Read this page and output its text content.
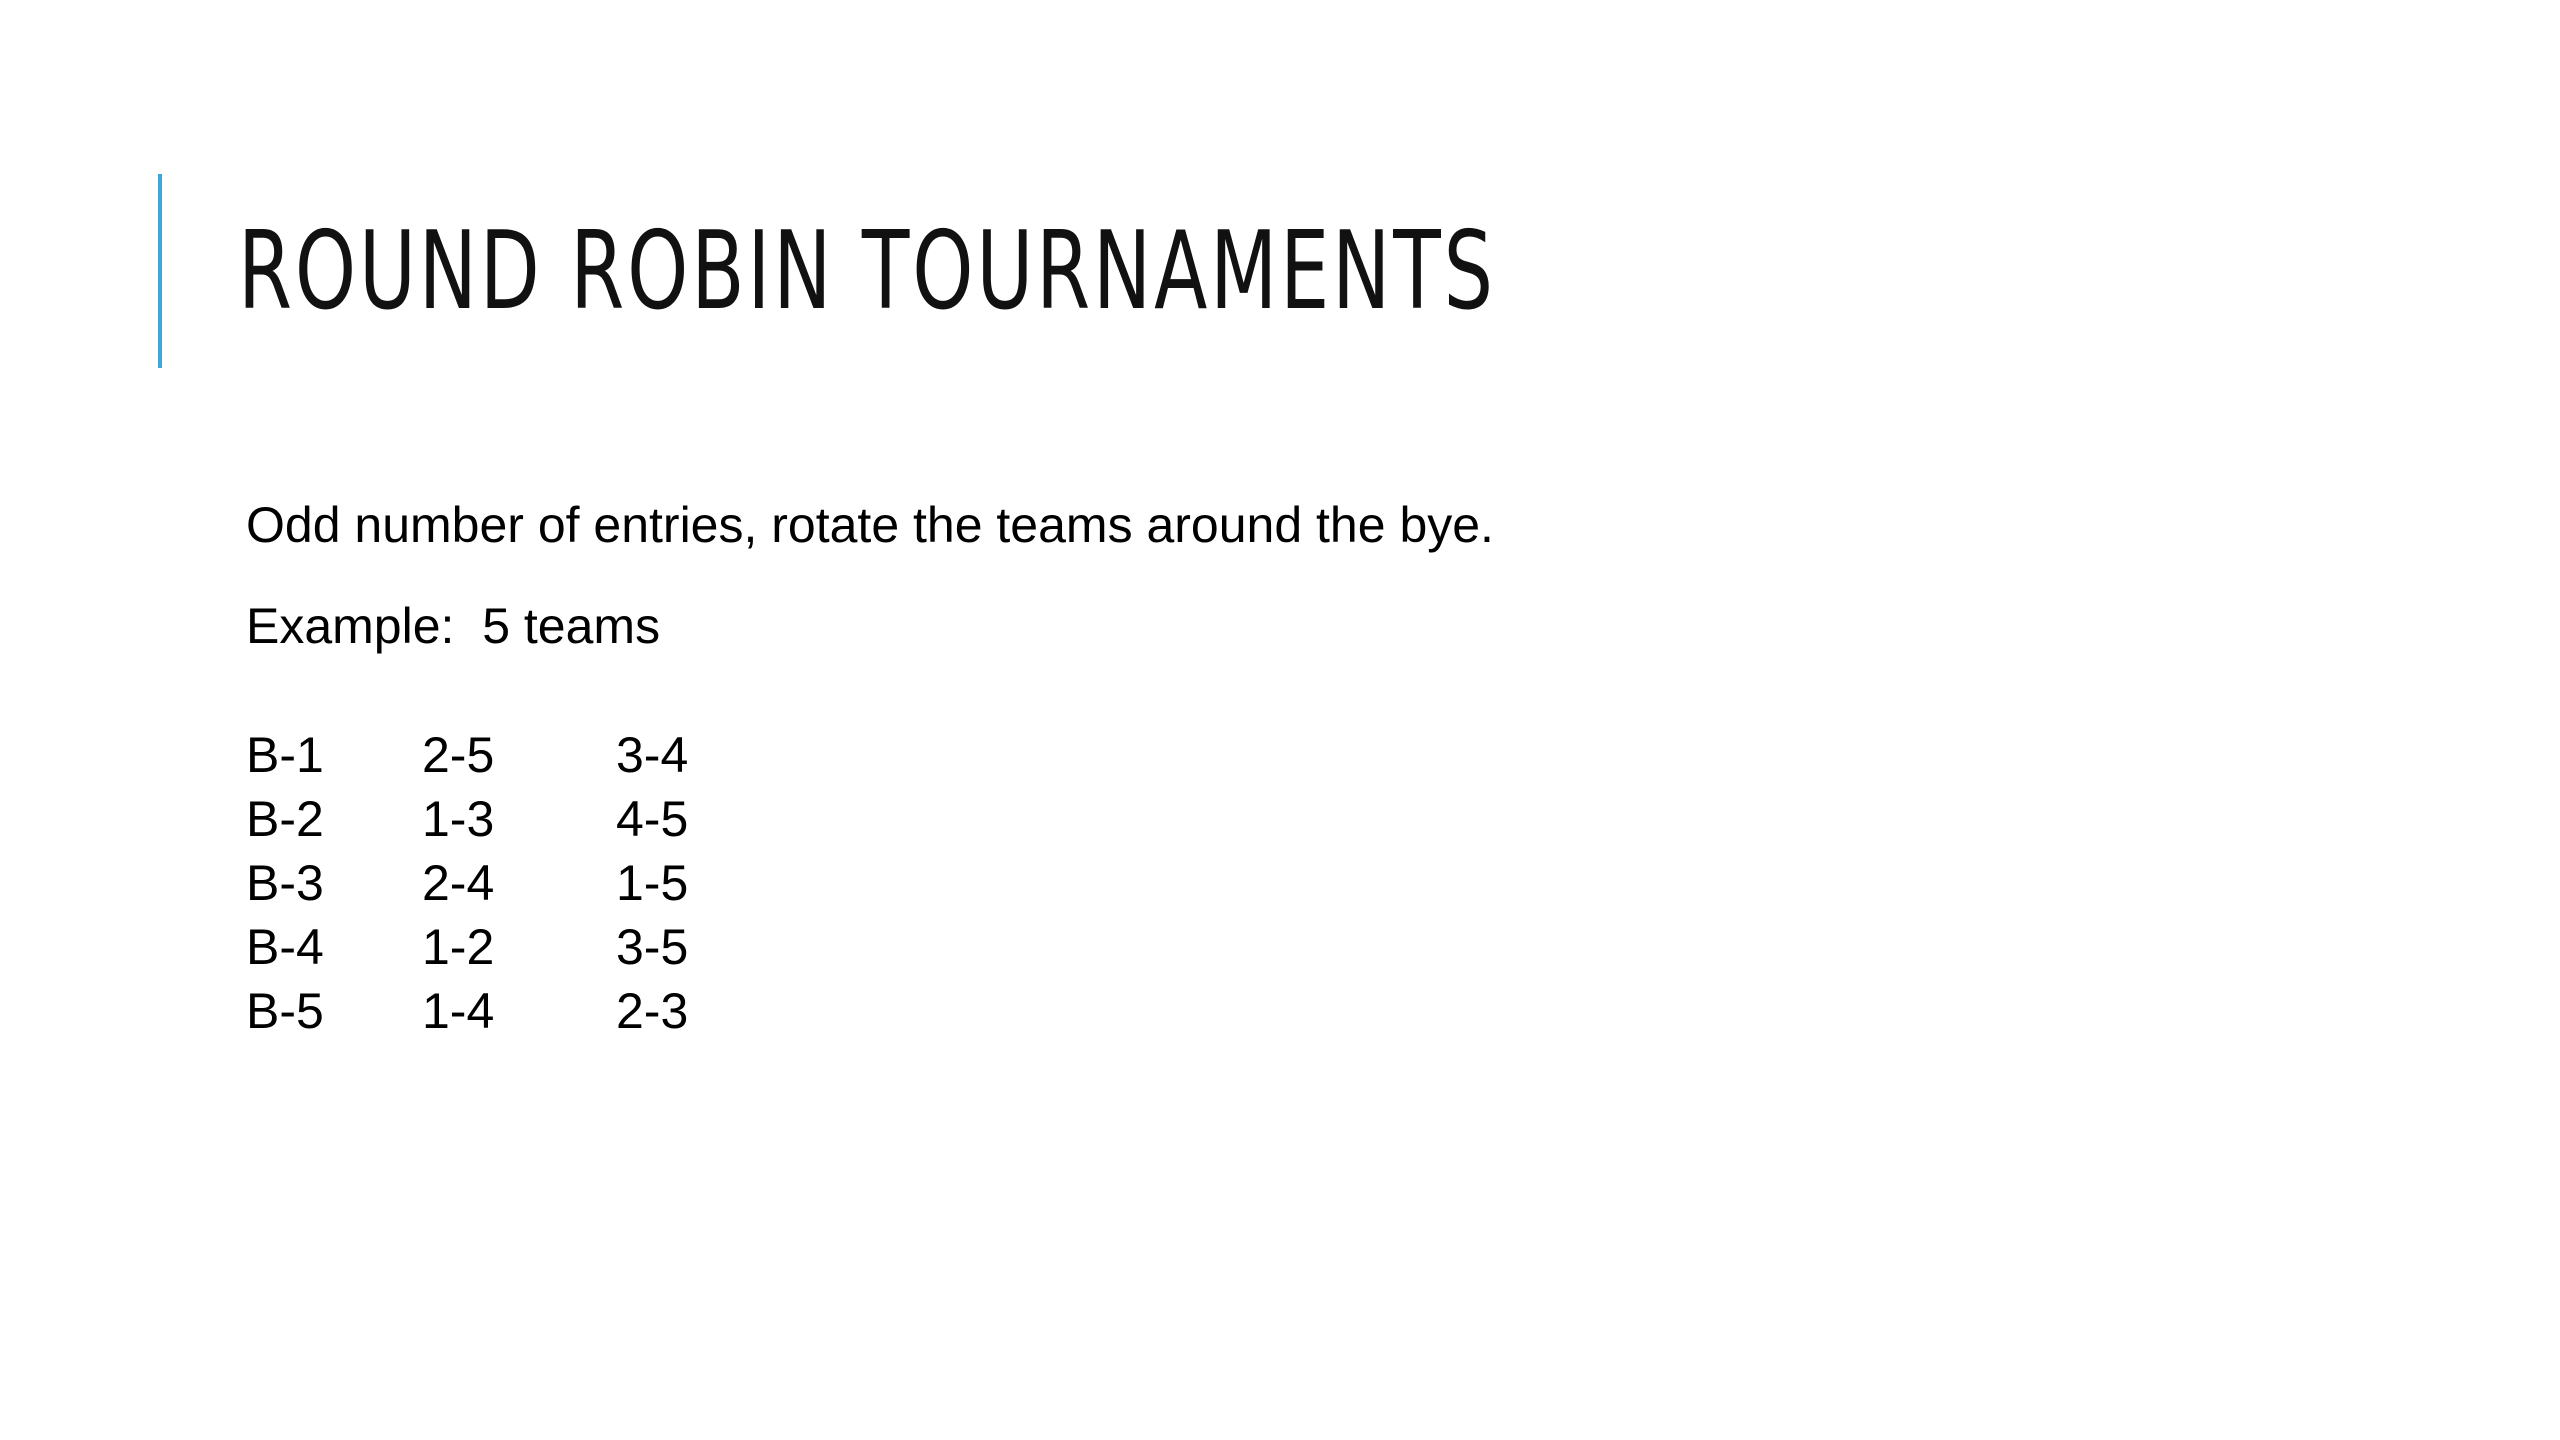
ROUND ROBIN TOURNAMENTS

Odd number of entries, rotate the teams around the bye.

Example:  5 teams

B-1	2-5	3-4
B-2	1-3	4-5
B-3	2-4	1-5
B-4	1-2	3-5
B-5	1-4	2-3
